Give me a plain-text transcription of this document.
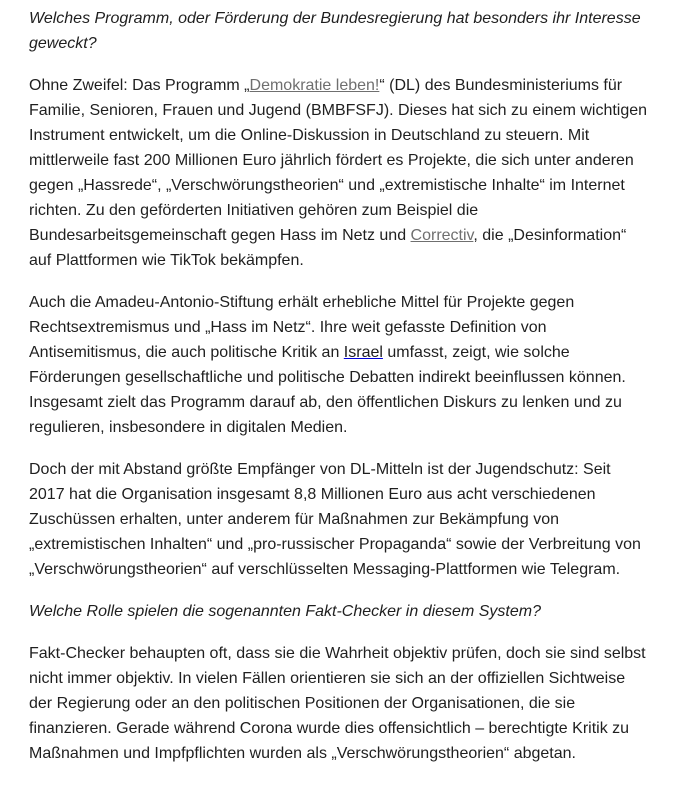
Welches Programm, oder Förderung der Bundesregierung hat besonders ihr Interesse geweckt?

Ohne Zweifel: Das Programm „Demokratie leben!“ (DL) des Bundesministeriums für Familie, Senioren, Frauen und Jugend (BMBFSFJ). Dieses hat sich zu einem wichtigen Instrument entwickelt, um die Online-Diskussion in Deutschland zu steuern. Mit mittlerweile fast 200 Millionen Euro jährlich fördert es Projekte, die sich unter anderen gegen „Hassrede“, „Verschwörungstheorien“ und „extremistische Inhalte“ im Internet richten. Zu den geförderten Initiativen gehören zum Beispiel die Bundesarbeitsgemeinschaft gegen Hass im Netz und Correctiv, die „Desinformation“ auf Plattformen wie TikTok bekämpfen.

Auch die Amadeu-Antonio-Stiftung erhält erhebliche Mittel für Projekte gegen Rechtsextremismus und „Hass im Netz“. Ihre weit gefasste Definition von Antisemitismus, die auch politische Kritik an Israel umfasst, zeigt, wie solche Förderungen gesellschaftliche und politische Debatten indirekt beeinflussen können. Insgesamt zielt das Programm darauf ab, den öffentlichen Diskurs zu lenken und zu regulieren, insbesondere in digitalen Medien.

Doch der mit Abstand größte Empfänger von DL-Mitteln ist der Jugendschutz: Seit 2017 hat die Organisation insgesamt 8,8 Millionen Euro aus acht verschiedenen Zuschüssen erhalten, unter anderem für Maßnahmen zur Bekämpfung von „extremistischen Inhalten“ und „pro-russischer Propaganda“ sowie der Verbreitung von „Verschwörungstheorien“ auf verschlüsselten Messaging-Plattformen wie Telegram.

Welche Rolle spielen die sogenannten Fakt-Checker in diesem System?

Fakt-Checker behaupten oft, dass sie die Wahrheit objektiv prüfen, doch sie sind selbst nicht immer objektiv. In vielen Fällen orientieren sie sich an der offiziellen Sichtweise der Regierung oder an den politischen Positionen der Organisationen, die sie finanzieren. Gerade während Corona wurde dies offensichtlich – berechtigte Kritik zu Maßnahmen und Impfpflichten wurden als „Verschwörungstheorien“ abgetan.
